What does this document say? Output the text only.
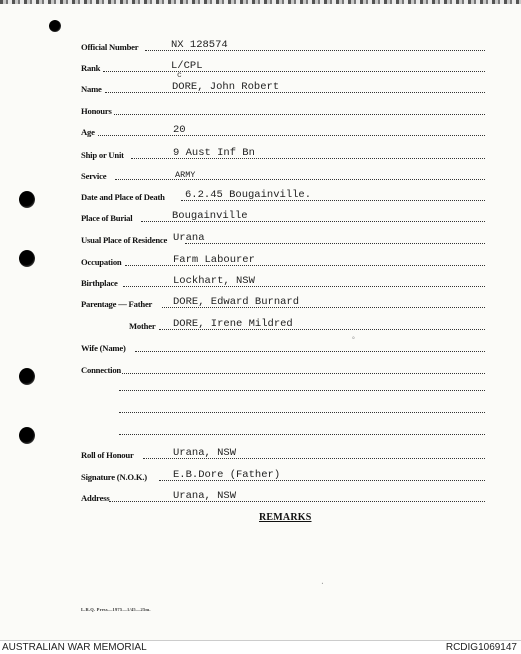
Official Number	NX 128574
Rank	L/CPL
c
Name	DORE, John Robert
Honours
Age	20
Ship or Unit	9 Aust Inf Bn
Service	ARMY
Date and Place of Death 6.2.45 Bougainville.
Place of Burial	Bougainville
Usual Place of Residence Urana
Occupation	Farm Labourer
Birthplace	Lockhart, NSW
Parentage — Father DORE, Edward Burnard
Mother DORE, Irene Mildred
Wife (Name)
Connection
Roll of Honour	Urana, NSW
Signature (N.O.K.) E.B.Dore (Father)
Address	Urana, NSW
REMARKS
°
.
L.R.Q. Press—1975—1/45—25m.
AUSTRALIAN WAR MEMORIAL	RCDIG1069147
